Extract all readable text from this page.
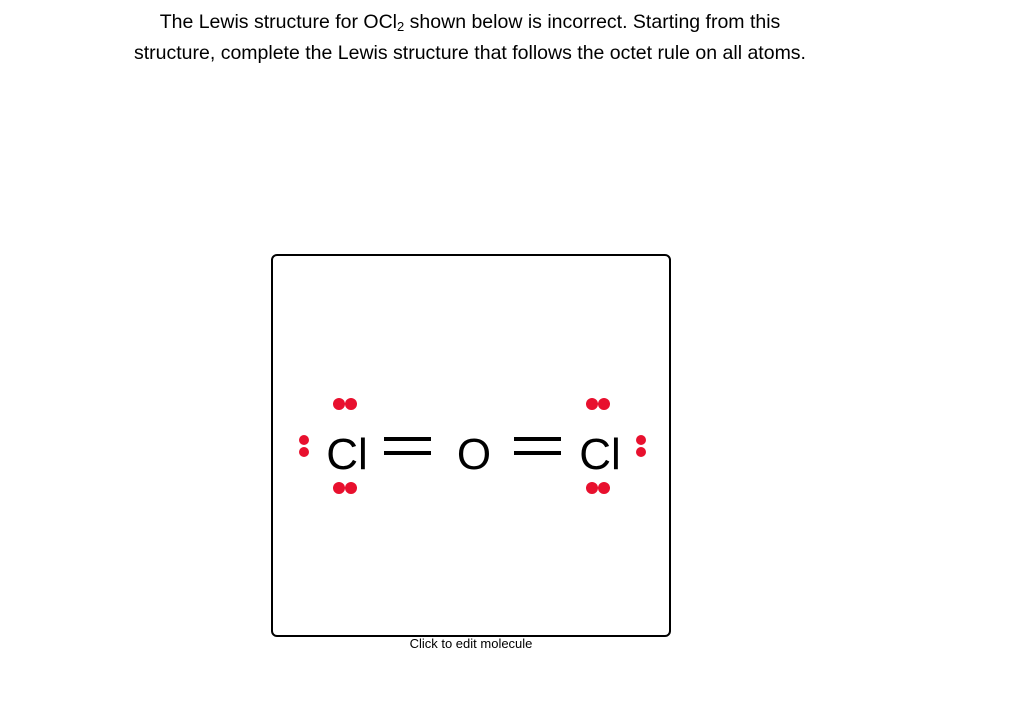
The Lewis structure for OCl$_2$ shown below is incorrect. Starting from this
structure, complete the Lewis structure that follows the octet rule on all atoms.
Cl O Cl
Click to edit molecule
